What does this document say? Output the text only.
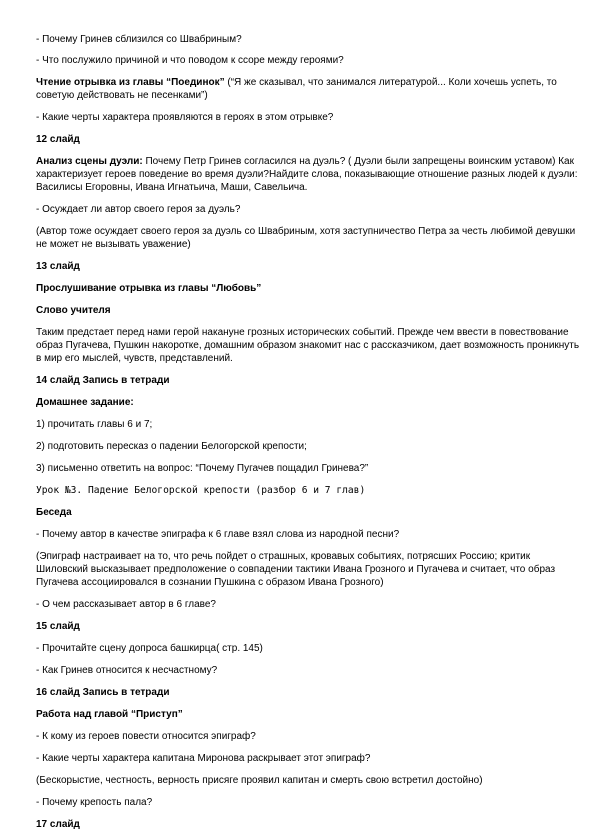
- Почему Гринев сблизился со Швабриным?
- Что послужило причиной и что поводом к ссоре между героями?
Чтение отрывка из главы “Поединок” (“Я же сказывал, что занимался литературой... Коли хочешь успеть, то советую действовать не песенками”)
- Какие черты характера проявляются в героях в этом отрывке?
12 слайд
Анализ сцены дуэли: Почему Петр Гринев согласился на дуэль? ( Дуэли были запрещены воинским уставом) Как характеризует героев поведение во время дуэли?Найдите слова, показывающие отношение разных людей к дуэли: Василисы Егоровны, Ивана Игнатьича, Маши, Савельича.
- Осуждает ли автор своего героя за дуэль?
(Автор тоже осуждает своего героя за дуэль со Швабриным, хотя заступничество Петра за честь любимой девушки не может не вызывать уважение)
13 слайд
Прослушивание отрывка из главы “Любовь”
Слово учителя
Таким предстает перед нами герой накануне грозных исторических событий. Прежде чем ввести в повествование образ Пугачева, Пушкин накоротке, домашним образом знакомит нас с рассказчиком, дает возможность проникнуть в мир его мыслей, чувств, представлений.
14 слайд Запись в тетради
Домашнее задание:
1) прочитать главы 6 и 7;
2) подготовить пересказ о падении Белогорской крепости;
3) письменно ответить на вопрос: “Почему Пугачев пощадил Гринева?”
Урок №3. Падение Белогорской крепости (разбор 6 и 7 глав)
Беседа
- Почему автор в качестве эпиграфа к 6 главе взял слова из народной песни?
(Эпиграф настраивает на то, что речь пойдет о страшных, кровавых событиях, потрясших Россию; критик Шиловский высказывает предположение о совпадении тактики Ивана Грозного и Пугачева и считает, что образ Пугачева ассоциировался в сознании Пушкина с образом Ивана Грозного)
- О чем рассказывает автор в 6 главе?
15 слайд
- Прочитайте сцену допроса башкирца( стр. 145)
- Как Гринев относится к несчастному?
16 слайд Запись в тетради
Работа над главой “Приступ”
- К кому из героев повести относится эпиграф?
- Какие черты характера капитана Миронова раскрывает этот эпиграф?
(Бескорыстие, честность, верность присяге проявил капитан и смерть свою встретил достойно)
- Почему крепость пала?
17 слайд
